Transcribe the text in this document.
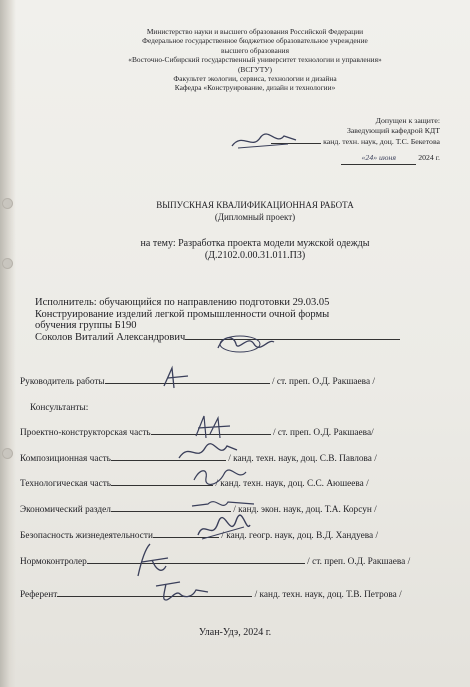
Министерство науки и высшего образования Российской Федерации
Федеральное государственное бюджетное образовательное учреждение
высшего образования
«Восточно-Сибирский государственный университет технологии и управления»
(ВСГУТУ)
Факультет экологии, сервиса, технологии и дизайна
Кафедра «Конструирование, дизайн и технологии»
Допущен к защите:
Заведующий кафедрой КДТ
канд. техн. наук, доц. Т.С. Бекетова
«24» июня	2024 г.
ВЫПУСКНАЯ КВАЛИФИКАЦИОННАЯ РАБОТА
(Дипломный проект)
на тему: Разработка проекта модели мужской одежды
(Д.2102.0.00.31.011.ПЗ)
Исполнитель: обучающийся по направлению подготовки 29.03.05
Конструирование изделий легкой промышленности очной формы
обучения группы Б190
Соколов Виталий Александрович
Руководитель работы	/ ст. преп. О.Д. Ракшаева /
Консультанты:
Проектно-конструкторская часть	/ ст. преп. О.Д. Ракшаева/
Композиционная часть	/ канд. техн. наук, доц. С.В. Павлова /
Технологическая часть	/ канд. техн. наук, доц. С.С. Аюшеева /
Экономический раздел	/ канд. экон. наук, доц. Т.А. Корсун /
Безопасность жизнедеятельности	/ канд. геогр. наук, доц. В.Д. Хандуева /
Нормоконтролер	/ ст. преп. О.Д. Ракшаева /
Референт	/ канд. техн. наук, доц. Т.В. Петрова /
Улан-Удэ, 2024 г.
